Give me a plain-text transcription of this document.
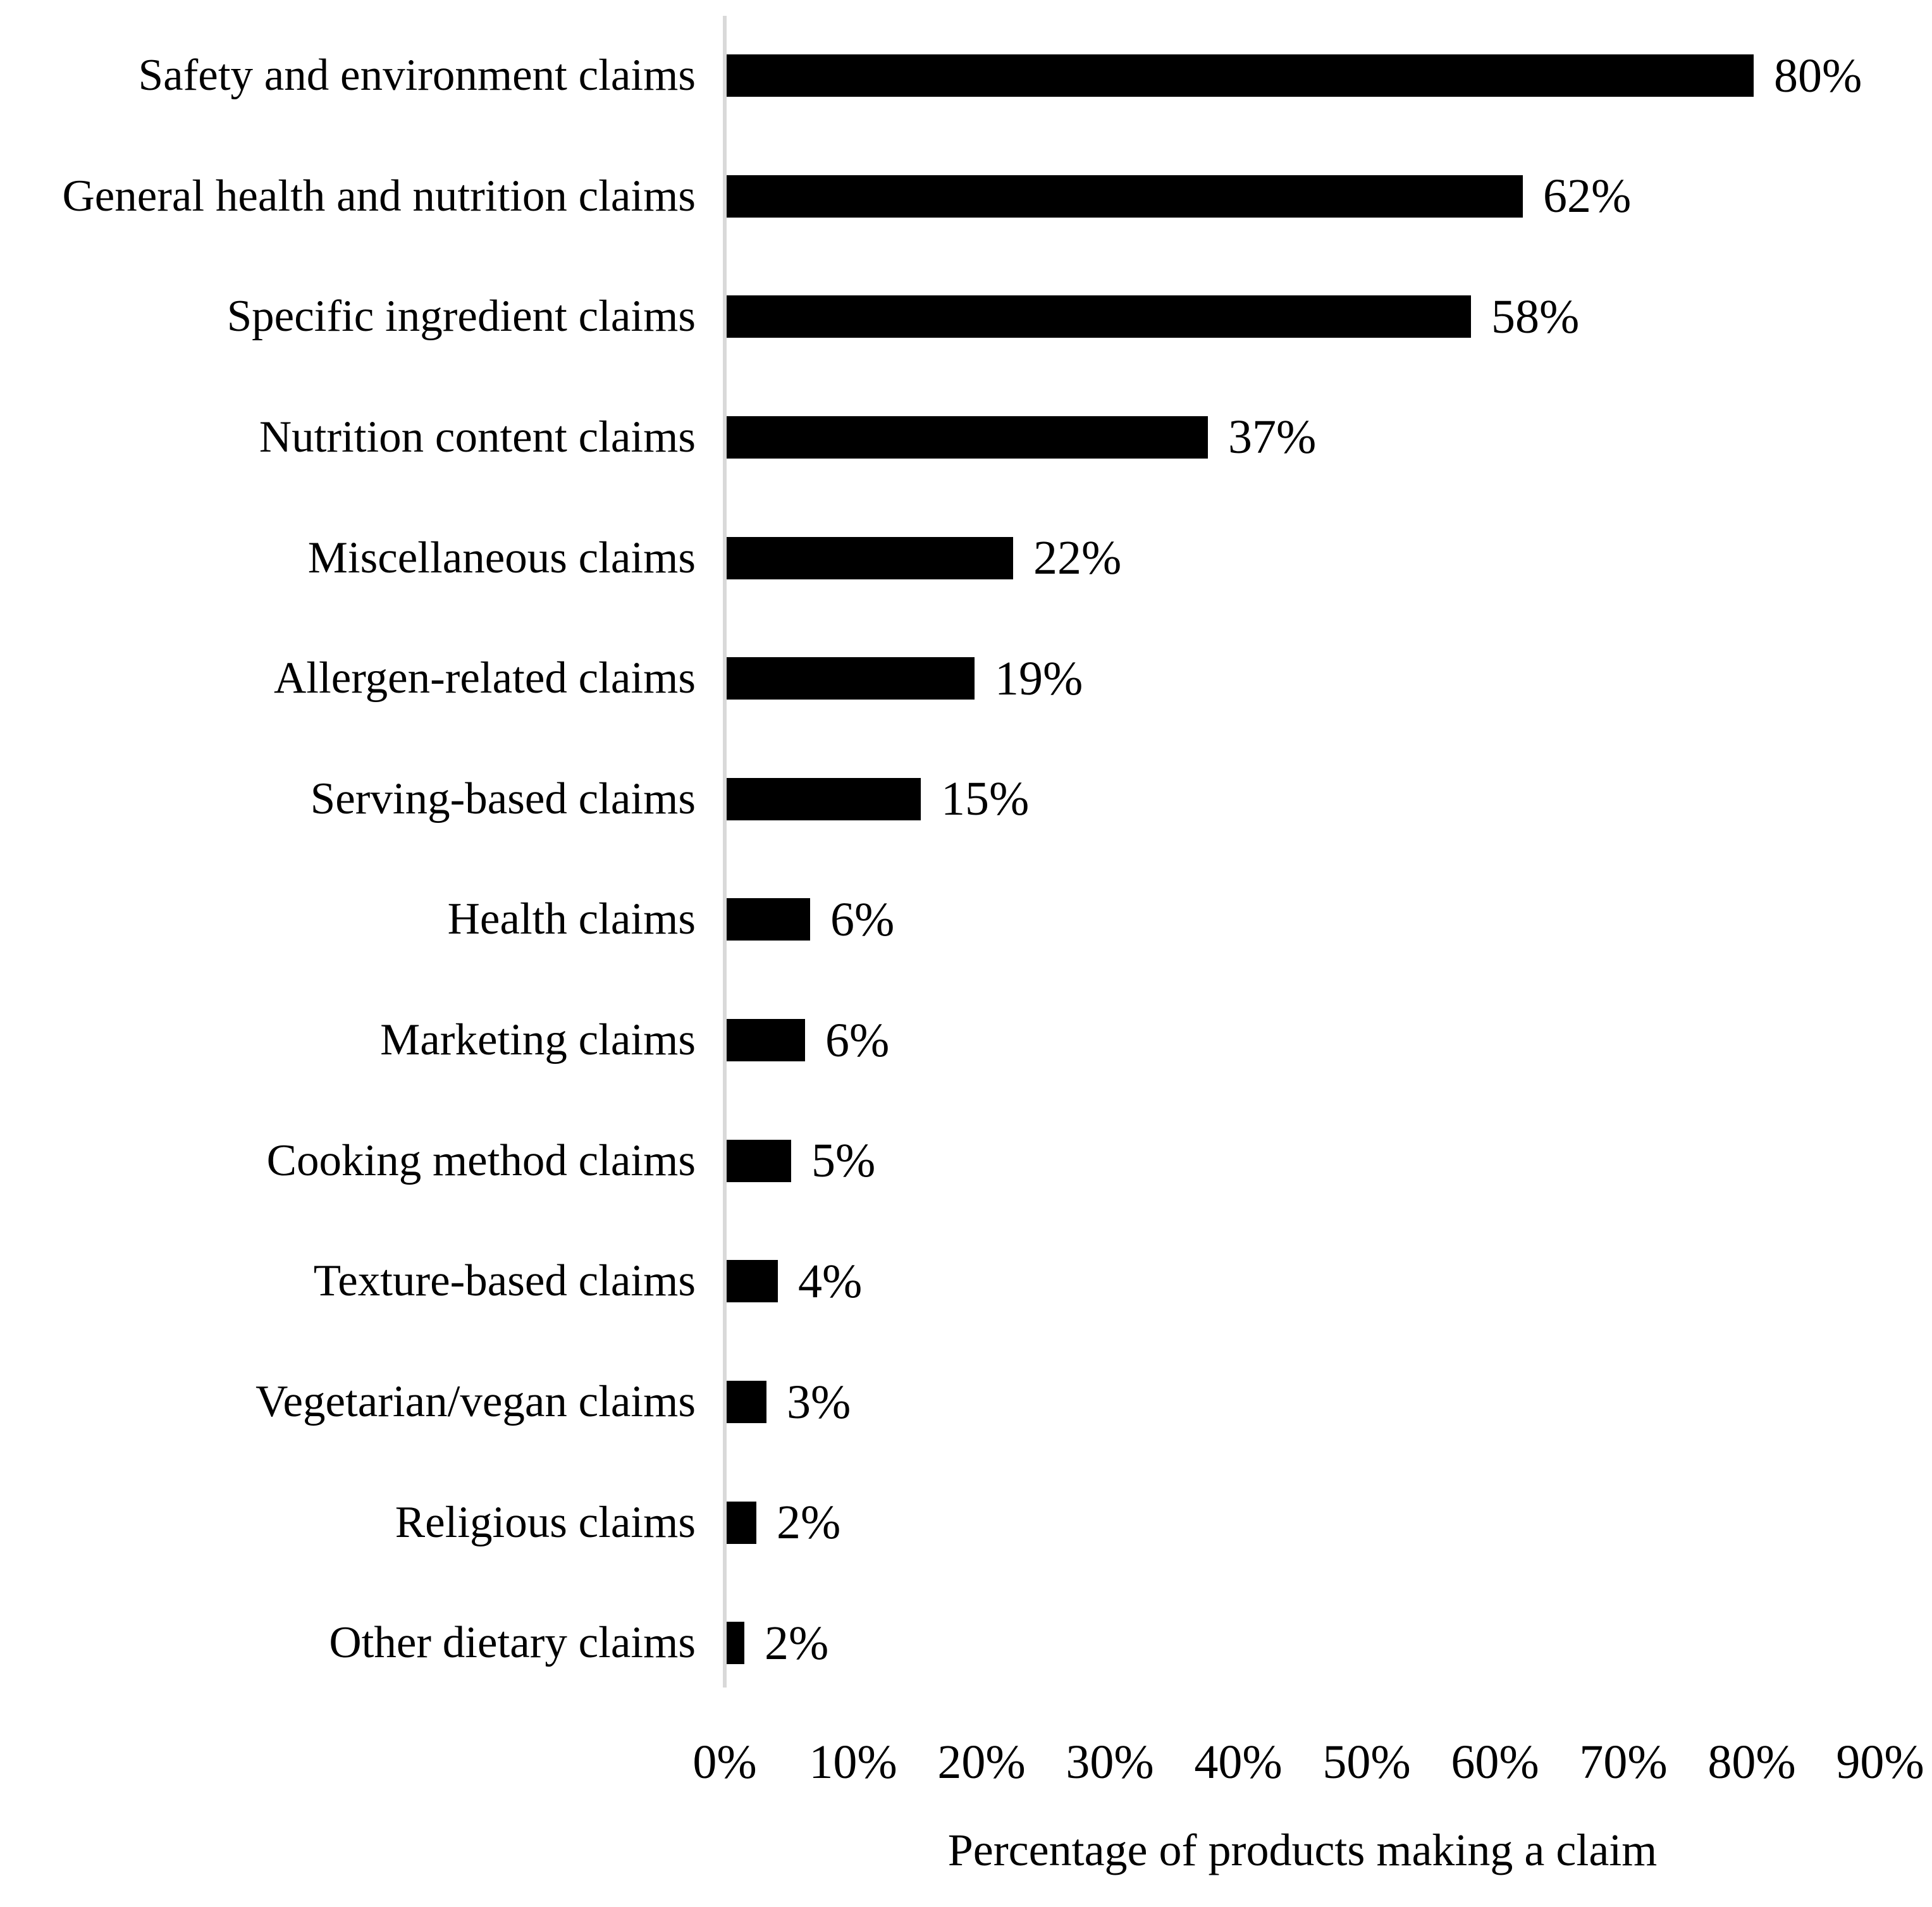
Safety and environment claims	80%
General health and nutrition claims	62%
Specific ingredient claims	58%
Nutrition content claims	37%
Miscellaneous claims	22%
Allergen-related claims	19%
Serving-based claims	15%
Health claims	6%
Marketing claims	6%
Cooking method claims 5%
Texture-based claims 4%
Vegetarian/vegan claims 3%
Religious claims 2%
Other dietary claims 2%
0%	10% 20% 30% 40% 50% 60% 70% 80% 90%
Percentage of products making a claim
